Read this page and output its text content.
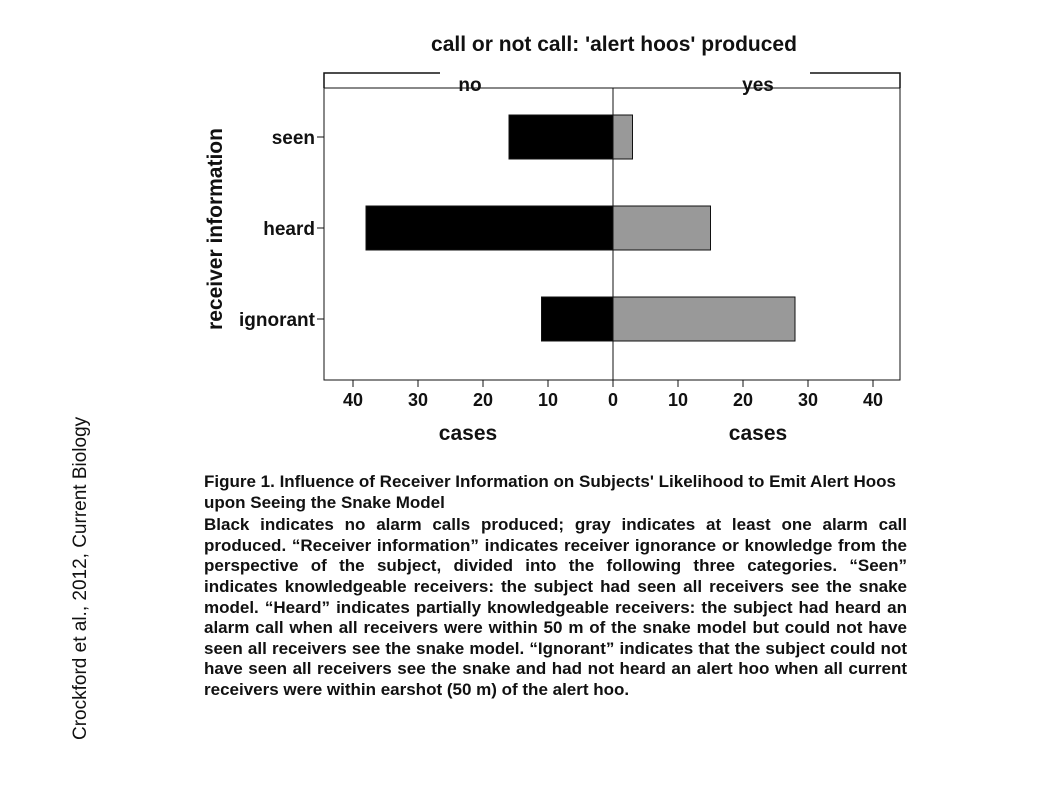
call or not call: 'alert hoos' produced
no	yes
receiver information seen
heard
ignorant
40 30 20 10	0	10 20 30 40
cases	cases
Crockford et al., 2012, Current Biology	Figure 1. Influence of Receiver Information on Subjects' Likelihood to Emit Alert Hoos upon Seeing the Snake Model

Black indicates no alarm calls produced; gray indicates at least one alarm call produced. “Receiver information” indicates receiver ignorance or knowledge from the perspective of the subject, divided into the following three categories. “Seen” indicates knowledgeable receivers: the subject had seen all receivers see the snake model. “Heard” indicates partially knowledgeable receivers: the subject had heard an alarm call when all receivers were within 50 m of the snake model but could not have seen all receivers see the snake model. “Ignorant” indicates that the subject could not have seen all receivers see the snake and had not heard an alert hoo when all current receivers were within earshot (50 m) of the alert hoo.
